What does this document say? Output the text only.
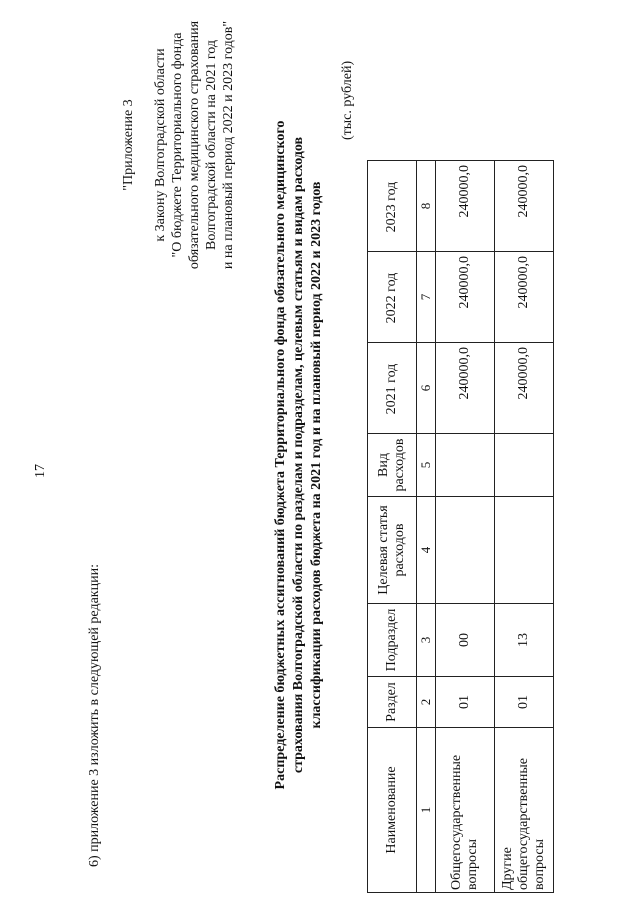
17
6) приложение 3 изложить в следующей редакции:
"Приложение 3 к Закону Волгоградской области "О бюджете Территориального фонда обязательного медицинского страхования Волгоградской области на 2021 год и на плановый период 2022 и 2023 годов"	Распределение бюджетных ассигнований бюджета Территориального фонда обязательного медицинского страхования Волгоградской области по разделам и подразделам, целевым статьям и видам расходов классификации расходов бюджета на 2021 год и на плановый период 2022 и 2023 годов
(тыс. рублей)
Наименование	Раздел	Подраздел	Целевая статья расходов	Вид расходов	2021 год	2022 год	2023 год
1	2	3	4	5	6	7	8
Общегосударственные вопросы	01	00			240000,0	240000,0	240000,0
Другие общегосударственные вопросы	01	13			240000,0	240000,0	240000,0
